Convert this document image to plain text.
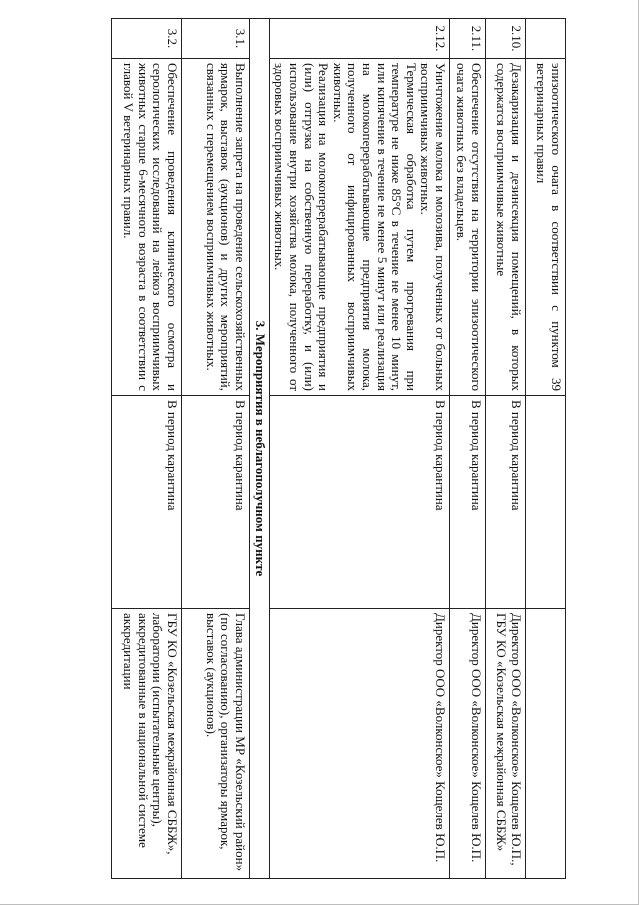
	эпизоотического очага в соответствии с пунктом 39 ветеринарных правил		
2.10.	Дезакаризация и дезинсекция помещений, в которых содержатся восприимчивые животные	В период карантина	Директор ООО «Волконское» Кощелев Ю.П., ГБУ КО «Козельская межрайонная СББЖ»
2.11.	Обеспечение отсутствия на территории эпизоотического очага животных без владельцев.	В период карантина	Директор ООО «Волконское» Кощелев Ю.П.
2.12.	Уничтожение молока и молозива, полученных от больных восприимчивых животных.
Термическая обработка путем прогревания при температуре не ниже 85°С в течение не менее 10 минут, или кипячение в течение не менее 5 минут или реализация на молокоперерабатывающие предприятия молока, полученного от инфицированных восприимчивых животных.
Реализация на молокоперерабатывающие предприятия и (или) отгрузка на собственную переработку, и (или) использование внутри хозяйства молока, полученного от здоровых восприимчивых животных.	В период карантина	Директор ООО «Волконское» Кощелев Ю.П.
3. Мероприятия в неблагополучном пункте			
3.1.	Выполнение запрета на проведение сельскохозяйственных ярмарок, выставок (аукционов) и других мероприятий, связанных с перемещением восприимчивых животных.	В период карантина	Глава администрации МР «Козельский район» (по согласованию), организаторы ярмарок, выставок (аукционов).
3.2.	Обеспечение проведения клинического осмотра и серологических исследований на лейкоз восприимчивых животных старше 6-месячного возраста в соответствии с главой V ветеринарных правил.	В период карантина	ГБУ КО «Козельская межрайонная СББЖ», лаборатории (испытательные центры), аккредитованные в национальной системе аккредитации
